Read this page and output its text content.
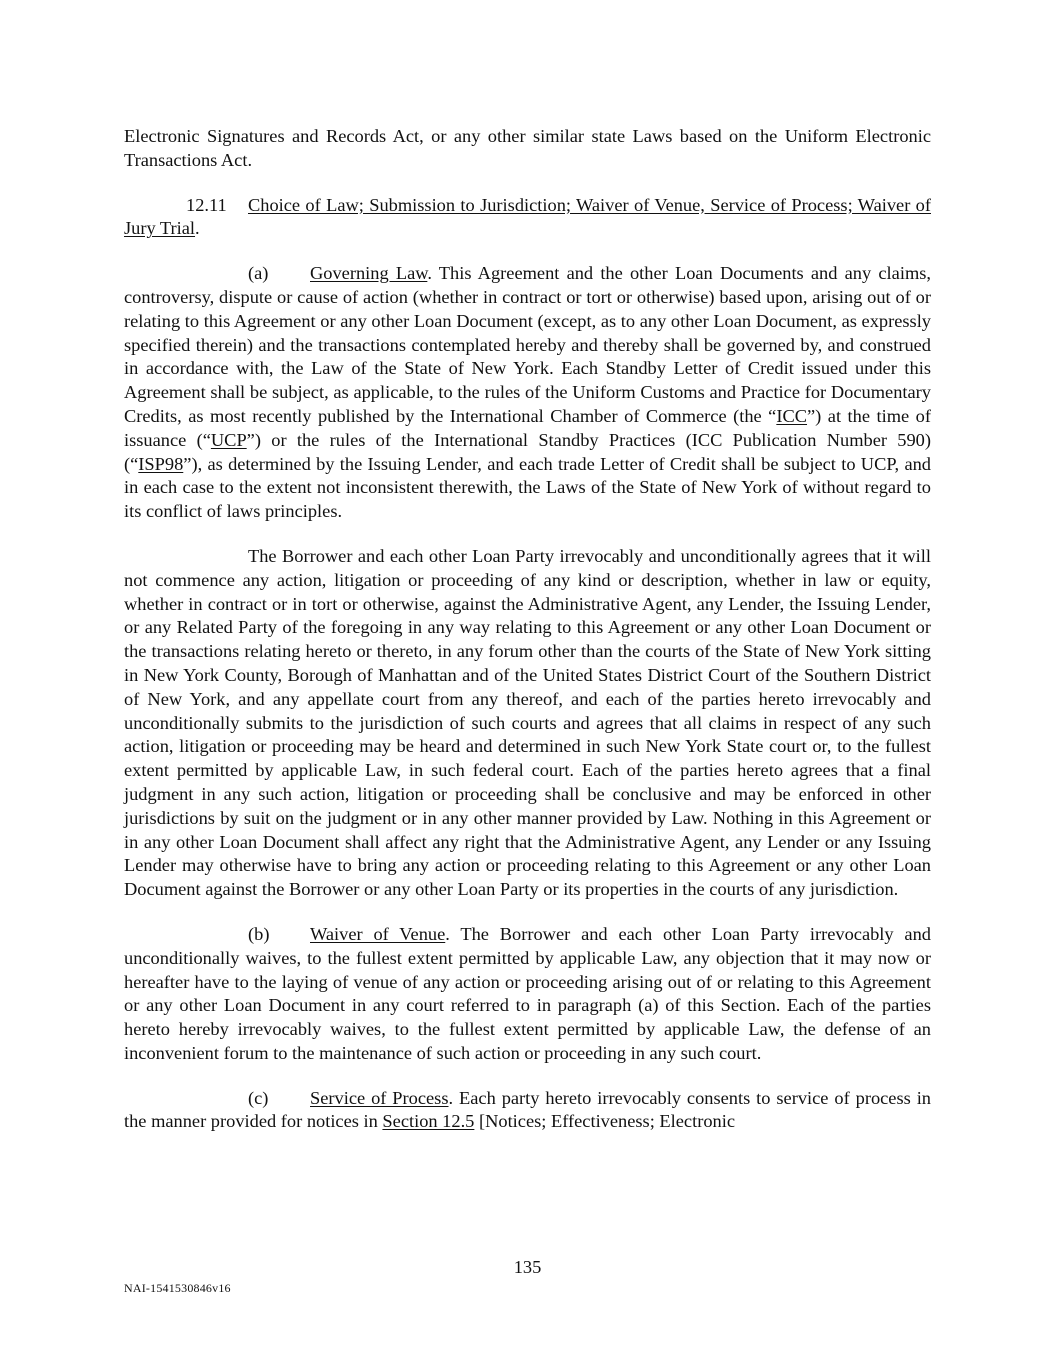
Electronic Signatures and Records Act, or any other similar state Laws based on the Uniform Electronic Transactions Act.

12.11 Choice of Law; Submission to Jurisdiction; Waiver of Venue, Service of Process; Waiver of Jury Trial.

(a) Governing Law. This Agreement and the other Loan Documents and any claims, controversy, dispute or cause of action (whether in contract or tort or otherwise) based upon, arising out of or relating to this Agreement or any other Loan Document (except, as to any other Loan Document, as expressly specified therein) and the transactions contemplated hereby and thereby shall be governed by, and construed in accordance with, the Law of the State of New York. Each Standby Letter of Credit issued under this Agreement shall be subject, as applicable, to the rules of the Uniform Customs and Practice for Documentary Credits, as most recently published by the International Chamber of Commerce (the “ICC”) at the time of issuance (“UCP”) or the rules of the International Standby Practices (ICC Publication Number 590) (“ISP98”), as determined by the Issuing Lender, and each trade Letter of Credit shall be subject to UCP, and in each case to the extent not inconsistent therewith, the Laws of the State of New York of without regard to its conflict of laws principles.

The Borrower and each other Loan Party irrevocably and unconditionally agrees that it will not commence any action, litigation or proceeding of any kind or description, whether in law or equity, whether in contract or in tort or otherwise, against the Administrative Agent, any Lender, the Issuing Lender, or any Related Party of the foregoing in any way relating to this Agreement or any other Loan Document or the transactions relating hereto or thereto, in any forum other than the courts of the State of New York sitting in New York County, Borough of Manhattan and of the United States District Court of the Southern District of New York, and any appellate court from any thereof, and each of the parties hereto irrevocably and unconditionally submits to the jurisdiction of such courts and agrees that all claims in respect of any such action, litigation or proceeding may be heard and determined in such New York State court or, to the fullest extent permitted by applicable Law, in such federal court. Each of the parties hereto agrees that a final judgment in any such action, litigation or proceeding shall be conclusive and may be enforced in other jurisdictions by suit on the judgment or in any other manner provided by Law. Nothing in this Agreement or in any other Loan Document shall affect any right that the Administrative Agent, any Lender or any Issuing Lender may otherwise have to bring any action or proceeding relating to this Agreement or any other Loan Document against the Borrower or any other Loan Party or its properties in the courts of any jurisdiction.

(b) Waiver of Venue. The Borrower and each other Loan Party irrevocably and unconditionally waives, to the fullest extent permitted by applicable Law, any objection that it may now or hereafter have to the laying of venue of any action or proceeding arising out of or relating to this Agreement or any other Loan Document in any court referred to in paragraph (a) of this Section. Each of the parties hereto hereby irrevocably waives, to the fullest extent permitted by applicable Law, the defense of an inconvenient forum to the maintenance of such action or proceeding in any such court.

(c) Service of Process. Each party hereto irrevocably consents to service of process in the manner provided for notices in Section 12.5 [Notices; Effectiveness; Electronic

135
NAI-1541530846v16
